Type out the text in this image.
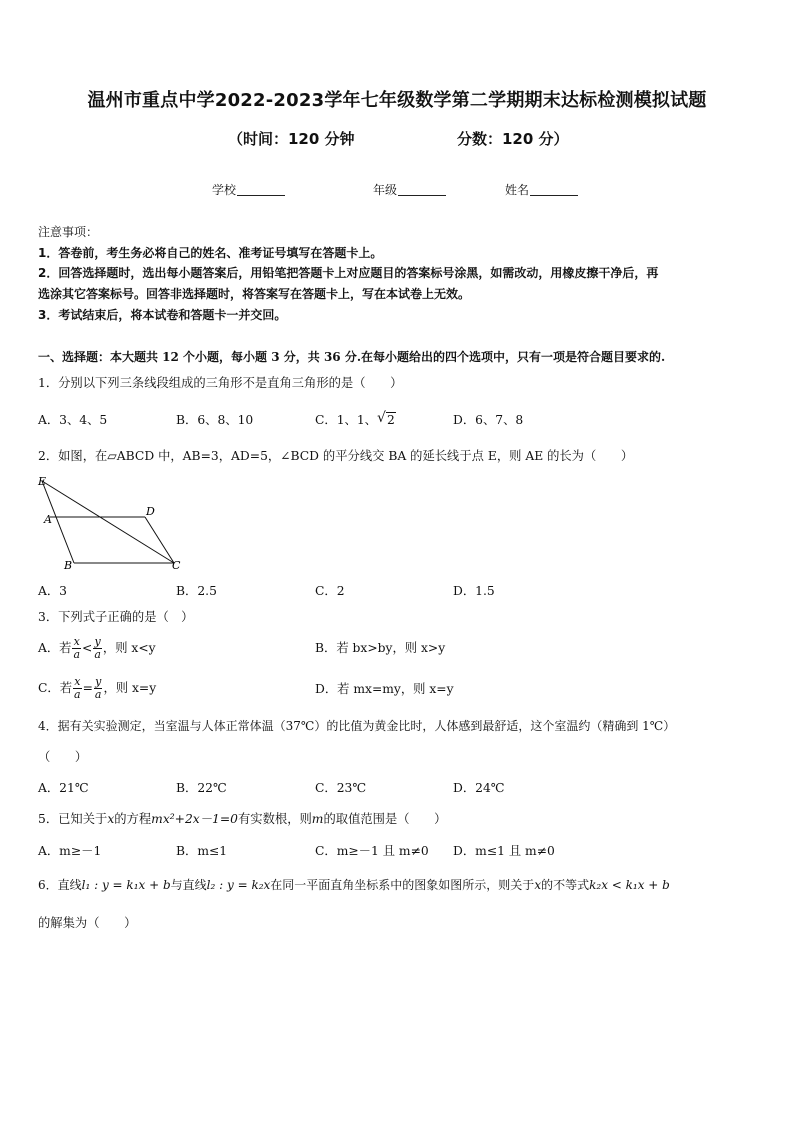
温州市重点中学2022-2023学年七年级数学第二学期期末达标检测模拟试题
（时间：120 分钟	分数：120 分）
学校	年级	姓名
注意事项：
1．答卷前，考生务必将自己的姓名、准考证号填写在答题卡上。
2．回答选择题时，选出每小题答案后，用铅笔把答题卡上对应题目的答案标号涂黑，如需改动，用橡皮擦干净后，再
选涂其它答案标号。回答非选择题时，将答案写在答题卡上，写在本试卷上无效。
3．考试结束后，将本试卷和答题卡一并交回。
一、选择题：本大题共 12 个小题，每小题 3 分，共 36 分.在每小题给出的四个选项中，只有一项是符合题目要求的.
1．分别以下列三条线段组成的三角形不是直角三角形的是（　　）
A．3、4、5	B．6、8、10	C．1、1、 √ 2	D．6、7、8
2．如图，在▱ABCD 中，AB=3，AD=5，∠BCD 的平分线交 BA 的延长线于点 E，则 AE 的长为（　　）
E
A
D
B	C
A．3	B．2.5	C．2	D．1.5
3．下列式子正确的是（　）
A．若 $\frac{x}{a} < \frac{y}{a}$ ，则 x<y	B．若 bx>by，则 x>y
C．若 $\frac{x}{a} = \frac{y}{a}$ ，则 x=y	D．若 mx=my，则 x=y
4．据有关实验测定，当室温与人体正常体温（37℃）的比值为黄金比时，人体感到最舒适，这个室温约（精确到 1℃）
（　　）
A．21℃	B．22℃	C．23℃	D．24℃
5．已知关于x的方程mx²+2x－1=0有实数根，则m的取值范围是（　　）
A．m≥－1	B．m≤1	C．m≥－1 且 m≠0 D．m≤1 且 m≠0
6．直线l₁ : y = k₁x + b与直线l₂ : y = k₂x在同一平面直角坐标系中的图象如图所示，则关于x的不等式k₂x < k₁x + b
的解集为（　　）
